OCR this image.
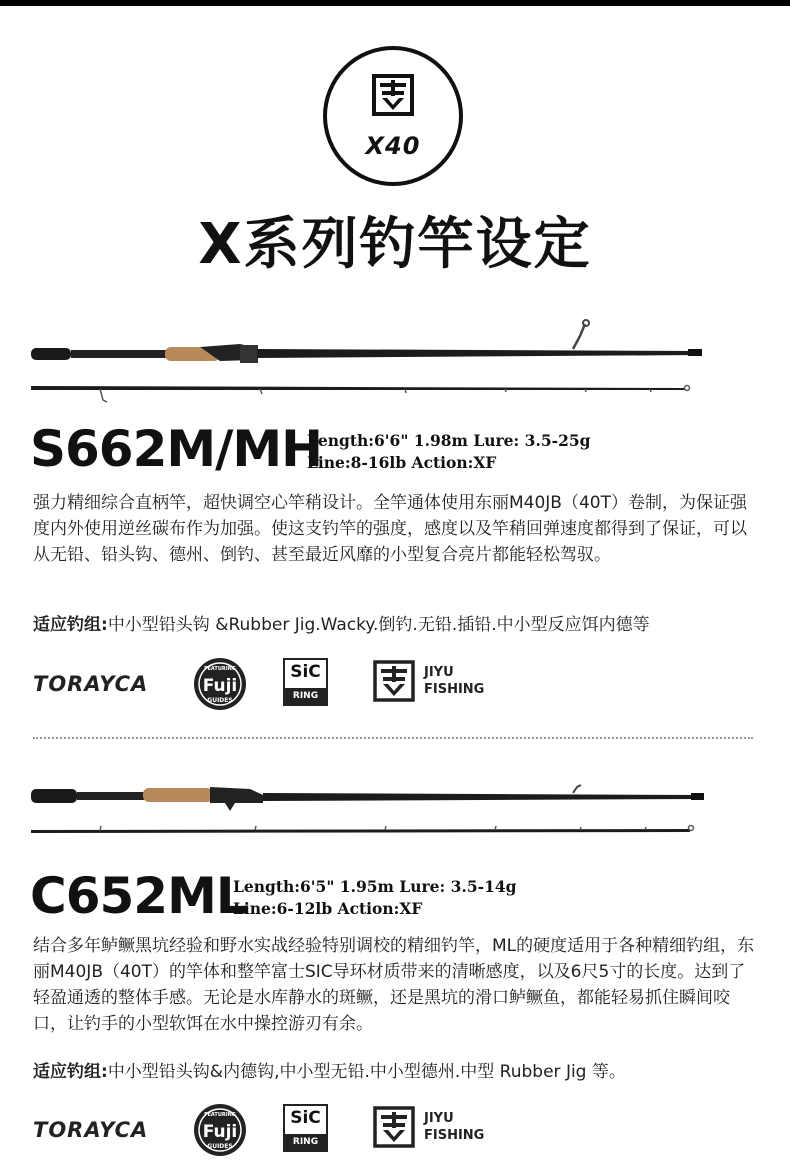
X40
X系列钓竿设定
S662M/MH
Length:6'6" 1.98m Lure: 3.5-25g
Line:8-16lb Action:XF
强力精细综合直柄竿，超快调空心竿稍设计。全竿通体使用东丽M40JB（40T）卷制，为保证强度内外使用逆丝碳布作为加强。使这支钓竿的强度，感度以及竿稍回弹速度都得到了保证，可以从无铅、铅头钩、德州、倒钓、甚至最近风靡的小型复合亮片都能轻松驾驭。
适应钓组:中小型铅头钩 &Rubber Jig.Wacky.倒钓.无铅.插铅.中小型反应饵内德等
TORAYCA
FEATURING
Fuji
GUIDES
SiC
RING
JIYU
FISHING
C652ML
Length:6'5" 1.95m Lure: 3.5-14g
Line:6-12lb Action:XF
结合多年鲈鳜黑坑经验和野水实战经验特别调校的精细钓竿，ML的硬度适用于各种精细钓组，东丽M40JB（40T）的竿体和整竿富士SIC导环材质带来的清晰感度，以及6尺5寸的长度。达到了轻盈通透的整体手感。无论是水库静水的斑鳜，还是黑坑的滑口鲈鳜鱼，都能轻易抓住瞬间咬口，让钓手的小型软饵在水中操控游刃有余。
适应钓组:中小型铅头钩&内德钩,中小型无铅.中小型德州.中型 Rubber Jig 等。
TORAYCA
FEATURING
Fuji
GUIDES
SiC
RING
JIYU
FISHING
